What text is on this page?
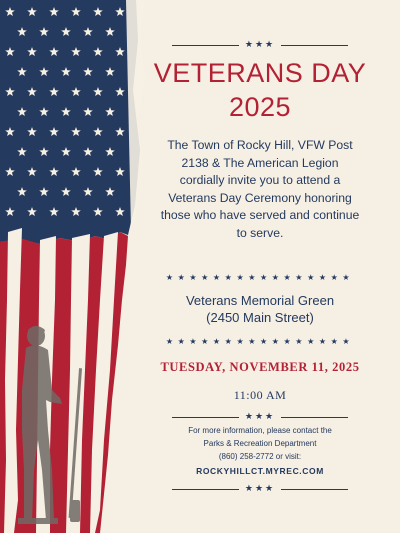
★★★
VETERANS DAY
2025
The Town of Rocky Hill, VFW Post
2138 & The American Legion
cordially invite you to attend a
Veterans Day Ceremony honoring
those who have served and continue
to serve.
★★★★★★★★★★★★★★★★
Veterans Memorial Green
(2450 Main Street)
★★★★★★★★★★★★★★★★
TUESDAY, NOVEMBER 11, 2025
11:00 AM
★★★
For more information, please contact the
Parks & Recreation Department
(860) 258-2772 or visit:
ROCKYHILLCT.MYREC.COM
★★★
